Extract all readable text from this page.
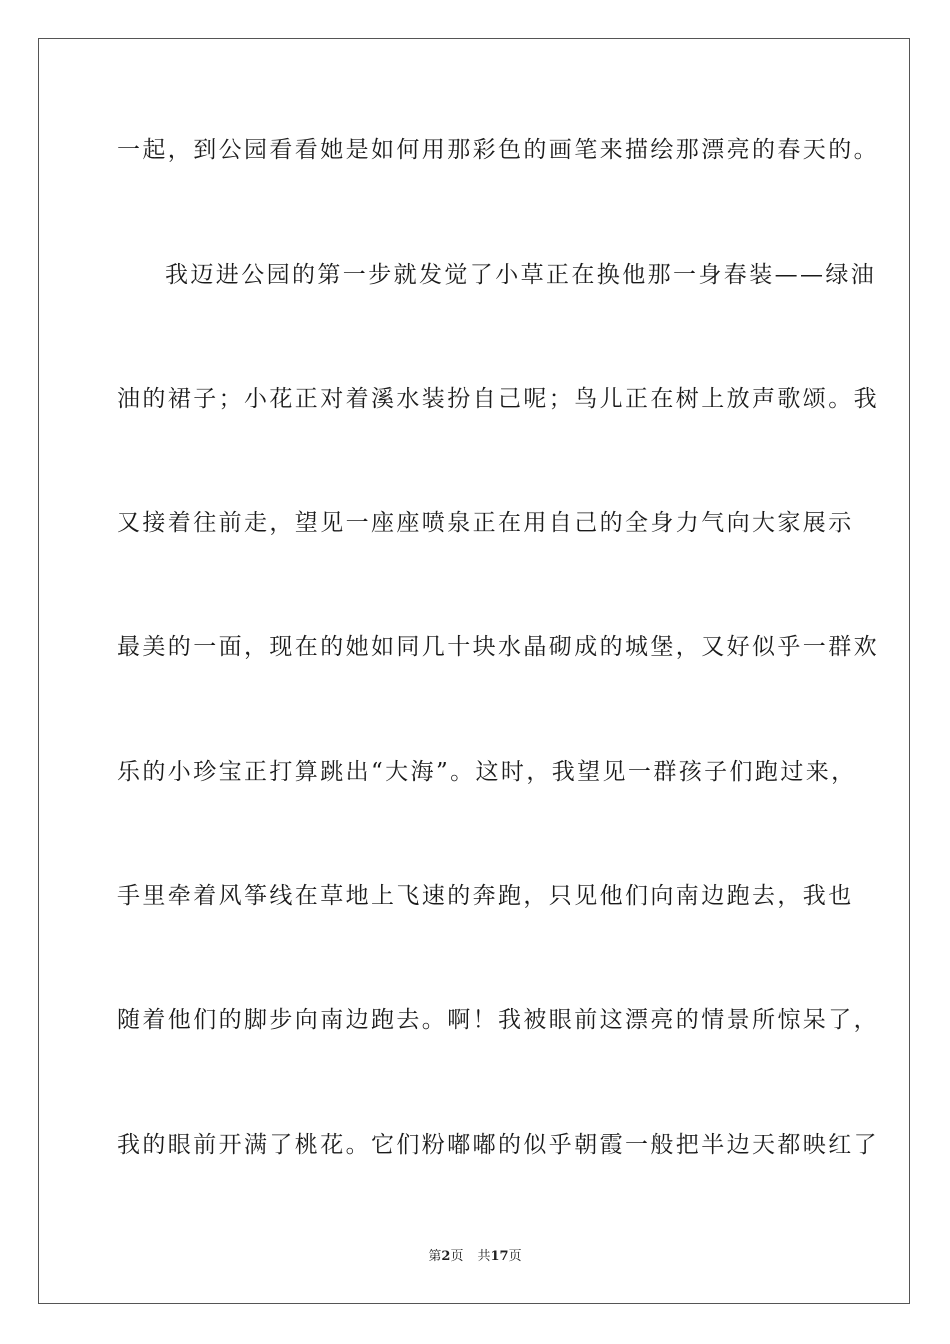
一起，到公园看看她是如何用那彩色的画笔来描绘那漂亮的春天的。
我迈进公园的第一步就发觉了小草正在换他那一身春装——绿油
油的裙子；小花正对着溪水装扮自己呢；鸟儿正在树上放声歌颂。我
又接着往前走，望见一座座喷泉正在用自己的全身力气向大家展示
最美的一面，现在的她如同几十块水晶砌成的城堡，又好似乎一群欢
乐的小珍宝正打算跳出“大海”。这时，我望见一群孩子们跑过来，
手里牵着风筝线在草地上飞速的奔跑，只见他们向南边跑去，我也
随着他们的脚步向南边跑去。啊！我被眼前这漂亮的情景所惊呆了，
我的眼前开满了桃花。它们粉嘟嘟的似乎朝霞一般把半边天都映红了
第2页 共17页
